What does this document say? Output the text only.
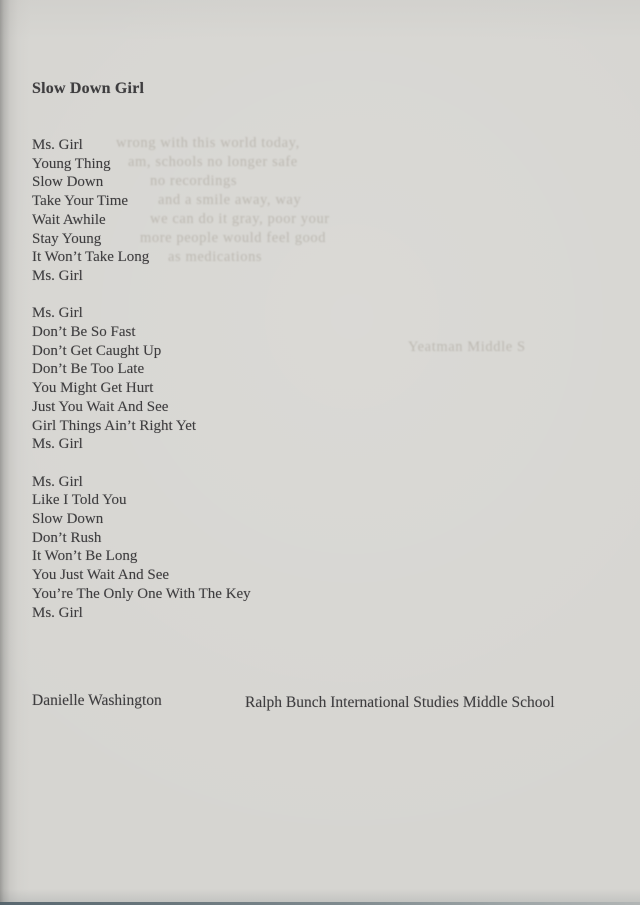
wrong with this world today,
am, schools no longer safe
no recordings
and a smile away, way
we can do it gray, poor your
more people would feel good
as medications
Yeatman Middle S
Slow Down Girl
Ms. Girl
Young Thing
Slow Down
Take Your Time
Wait Awhile
Stay Young
It Won’t Take Long
Ms. Girl
Ms. Girl
Don’t Be So Fast
Don’t Get Caught Up
Don’t Be Too Late
You Might Get Hurt
Just You Wait And See
Girl Things Ain’t Right Yet
Ms. Girl
Ms. Girl
Like I Told You
Slow Down
Don’t Rush
It Won’t Be Long
You Just Wait And See
You’re The Only One With The Key
Ms. Girl
Danielle Washington	Ralph Bunch International Studies Middle School
